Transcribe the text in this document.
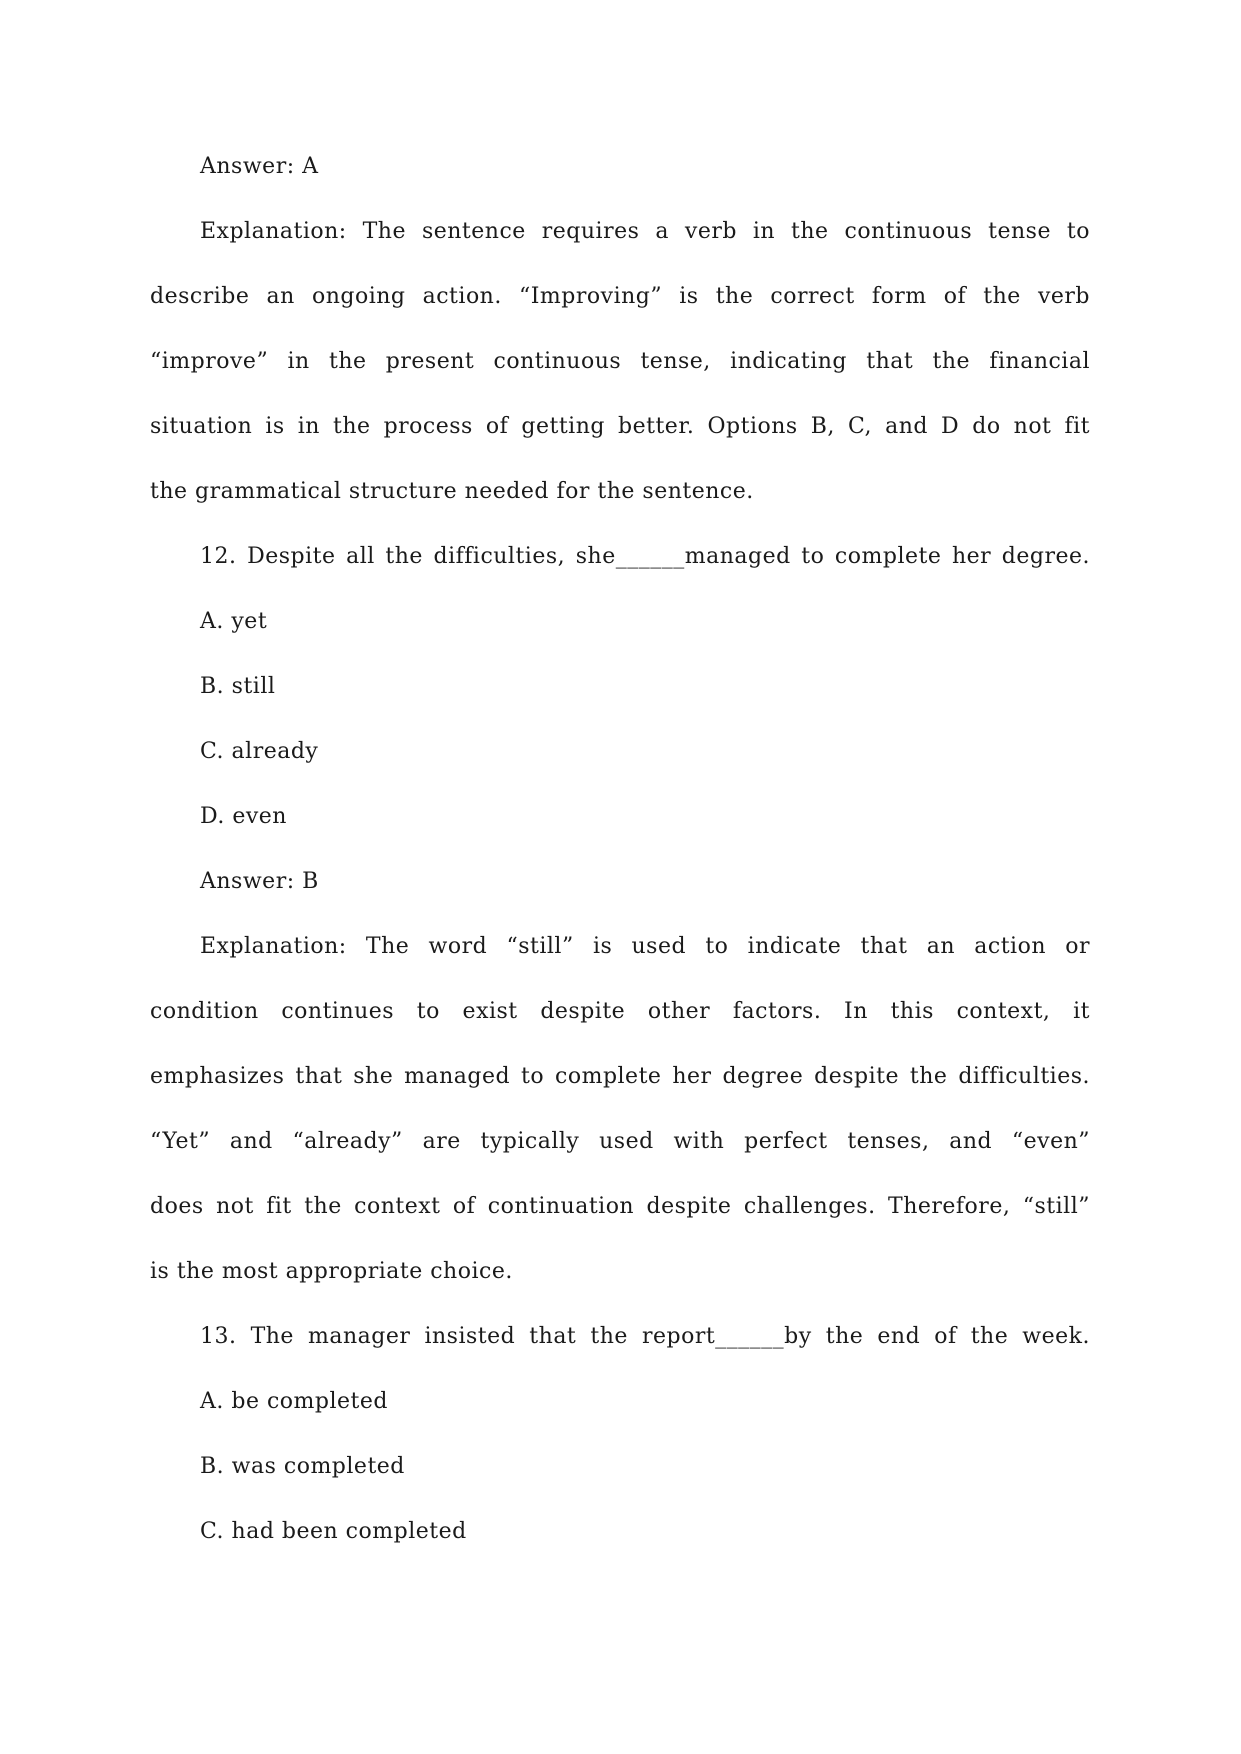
Answer: A
Explanation: The sentence requires a verb in the continuous tense to
describe an ongoing action. “Improving” is the correct form of the verb
“improve” in the present continuous tense, indicating that the financial
situation is in the process of getting better. Options B, C, and D do not fit
the grammatical structure needed for the sentence.
12. Despite all the difficulties, she______managed to complete her degree.
A. yet
B. still
C. already
D. even
Answer: B
Explanation: The word “still” is used to indicate that an action or
condition continues to exist despite other factors. In this context, it
emphasizes that she managed to complete her degree despite the difficulties.
“Yet” and “already” are typically used with perfect tenses, and “even”
does not fit the context of continuation despite challenges. Therefore, “still”
is the most appropriate choice.
13. The manager insisted that the report______by the end of the week.
A. be completed
B. was completed
C. had been completed
